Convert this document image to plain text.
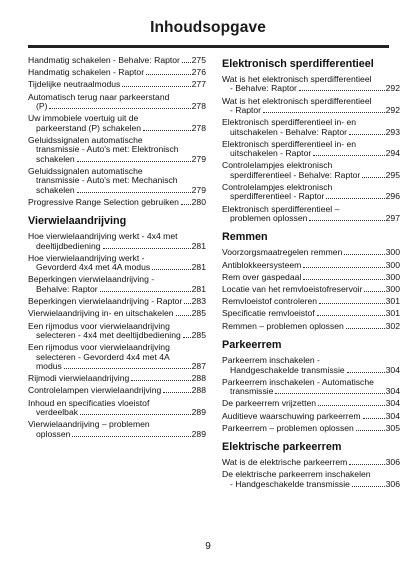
Inhoudsopgave
Handmatig schakelen - Behalve: Raptor 275
Handmatig schakelen - Raptor	276
Tijdelijke neutraalmodus	277
Automatisch terug naar parkeerstand
(P)	278
Uw immobiele voertuig uit de
parkeerstand (P) schakelen	278
Geluidssignalen automatische
transmissie - Auto's met: Elektronisch
schakelen	279
Geluidssignalen automatische
transmissie - Auto's met: Mechanisch
schakelen	279
Progressive Range Selection gebruiken 280
Vierwielaandrijving
Hoe vierwielaandrijving werkt - 4x4 met
deeltijdbediening	281
Hoe vierwielaandrijving werkt -
Gevorderd 4x4 met 4A modus	281
Beperkingen vierwielaandrijving -
Behalve: Raptor	281
Beperkingen vierwielaandrijving - Raptor 283
Vierwielaandrijving in- en uitschakelen 285
Een rijmodus voor vierwielaandrijving
selecteren - 4x4 met deeltijdbediening 285
Een rijmodus voor vierwielaandrijving
selecteren - Gevorderd 4x4 met 4A
modus	287
Rijmodi vierwielaandrijving	288
Controlelampen vierwielaandrijving	288
Inhoud en specificaties vloeistof
verdeelbak	289
Vierwielaandrijving – problemen
oplossen	289
Elektronisch sperdifferentieel
Wat is het elektronisch sperdifferentieel
- Behalve: Raptor	292
Wat is het elektronisch sperdifferentieel
- Raptor	292
Elektronisch sperdifferentieel in- en
uitschakelen - Behalve: Raptor	293
Elektronisch sperdifferentieel in- en
uitschakelen - Raptor	294
Controlelampjes elektronisch
sperdifferentieel - Behalve: Raptor	295
Controlelampjes elektronisch
sperdifferentieel - Raptor	296
Elektronisch sperdifferentieel –
problemen oplossen	297
Remmen
Voorzorgsmaatregelen remmen	300
Antiblokkeersysteem	300
Rem over gaspedaal	300
Locatie van het remvloeistofreservoir	300
Remvloeistof controleren	301
Specificatie remvloeistof	301
Remmen – problemen oplossen	302
Parkeerrem
Parkeerrem inschakelen -
Handgeschakelde transmissie	304
Parkeerrem inschakelen - Automatische
transmissie	304
De parkeerrem vrijzetten	304
Auditieve waarschuwing parkeerrem	304
Parkeerrem – problemen oplossen	305
Elektrische parkeerrem
Wat is de elektrische parkeerrem	306
De elektrische parkeerrem inschakelen
- Handgeschakelde transmissie	306
9
